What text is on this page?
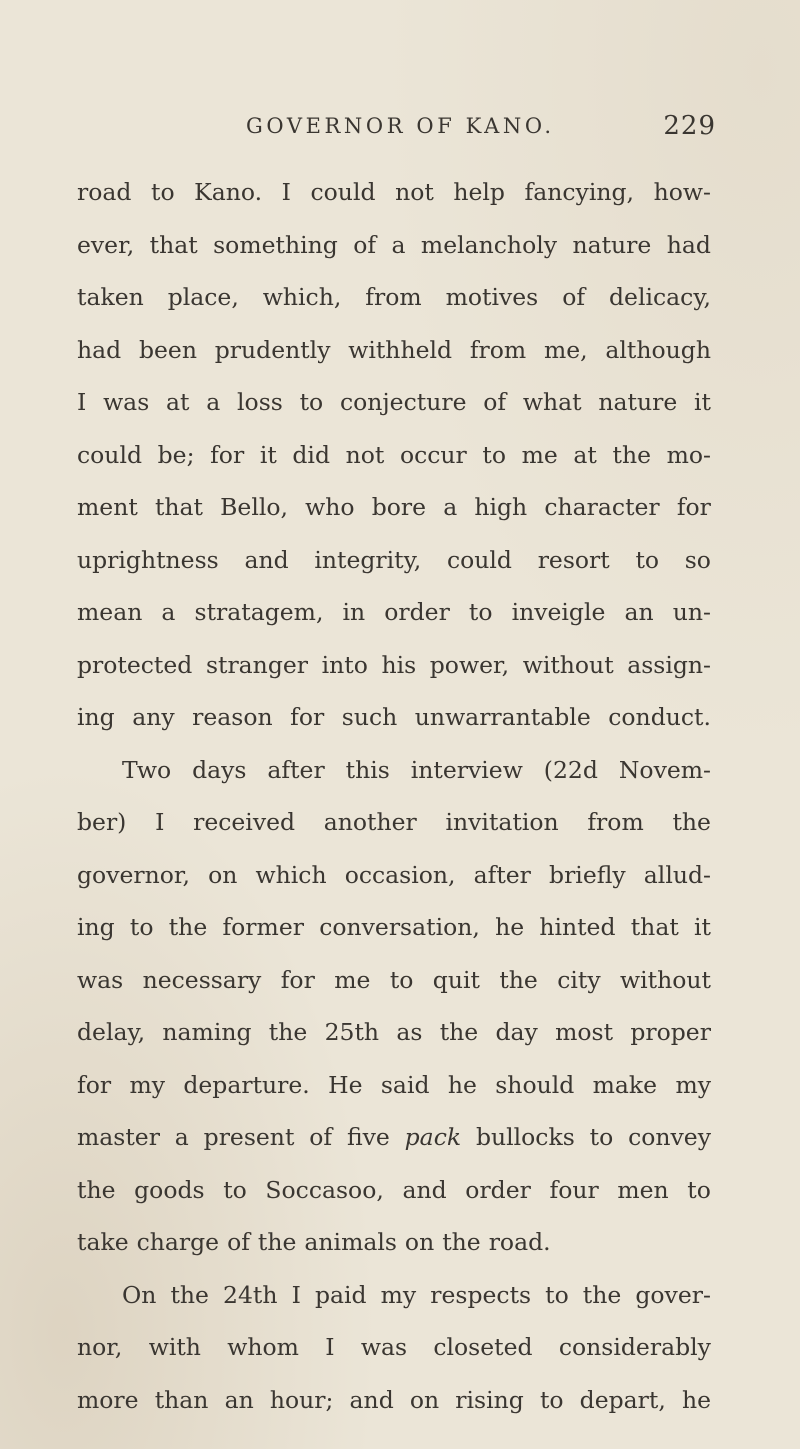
GOVERNOR OF KANO.	229
road to Kano. I could not help fancying, how-
ever, that something of a melancholy nature had
taken place, which, from motives of delicacy,
had been prudently withheld from me, although
I was at a loss to conjecture of what nature it
could be; for it did not occur to me at the mo-
ment that Bello, who bore a high character for
uprightness and integrity, could resort to so
mean a stratagem, in order to inveigle an un-
protected stranger into his power, without assign-
ing any reason for such unwarrantable conduct.
Two days after this interview (22d Novem-
ber) I received another invitation from the
governor, on which occasion, after briefly allud-
ing to the former conversation, he hinted that it
was necessary for me to quit the city without
delay, naming the 25th as the day most proper
for my departure. He said he should make my
master a present of five pack bullocks to convey
the goods to Soccasoo, and order four men to
take charge of the animals on the road.
On the 24th I paid my respects to the gover-
nor, with whom I was closeted considerably
more than an hour; and on rising to depart, he
